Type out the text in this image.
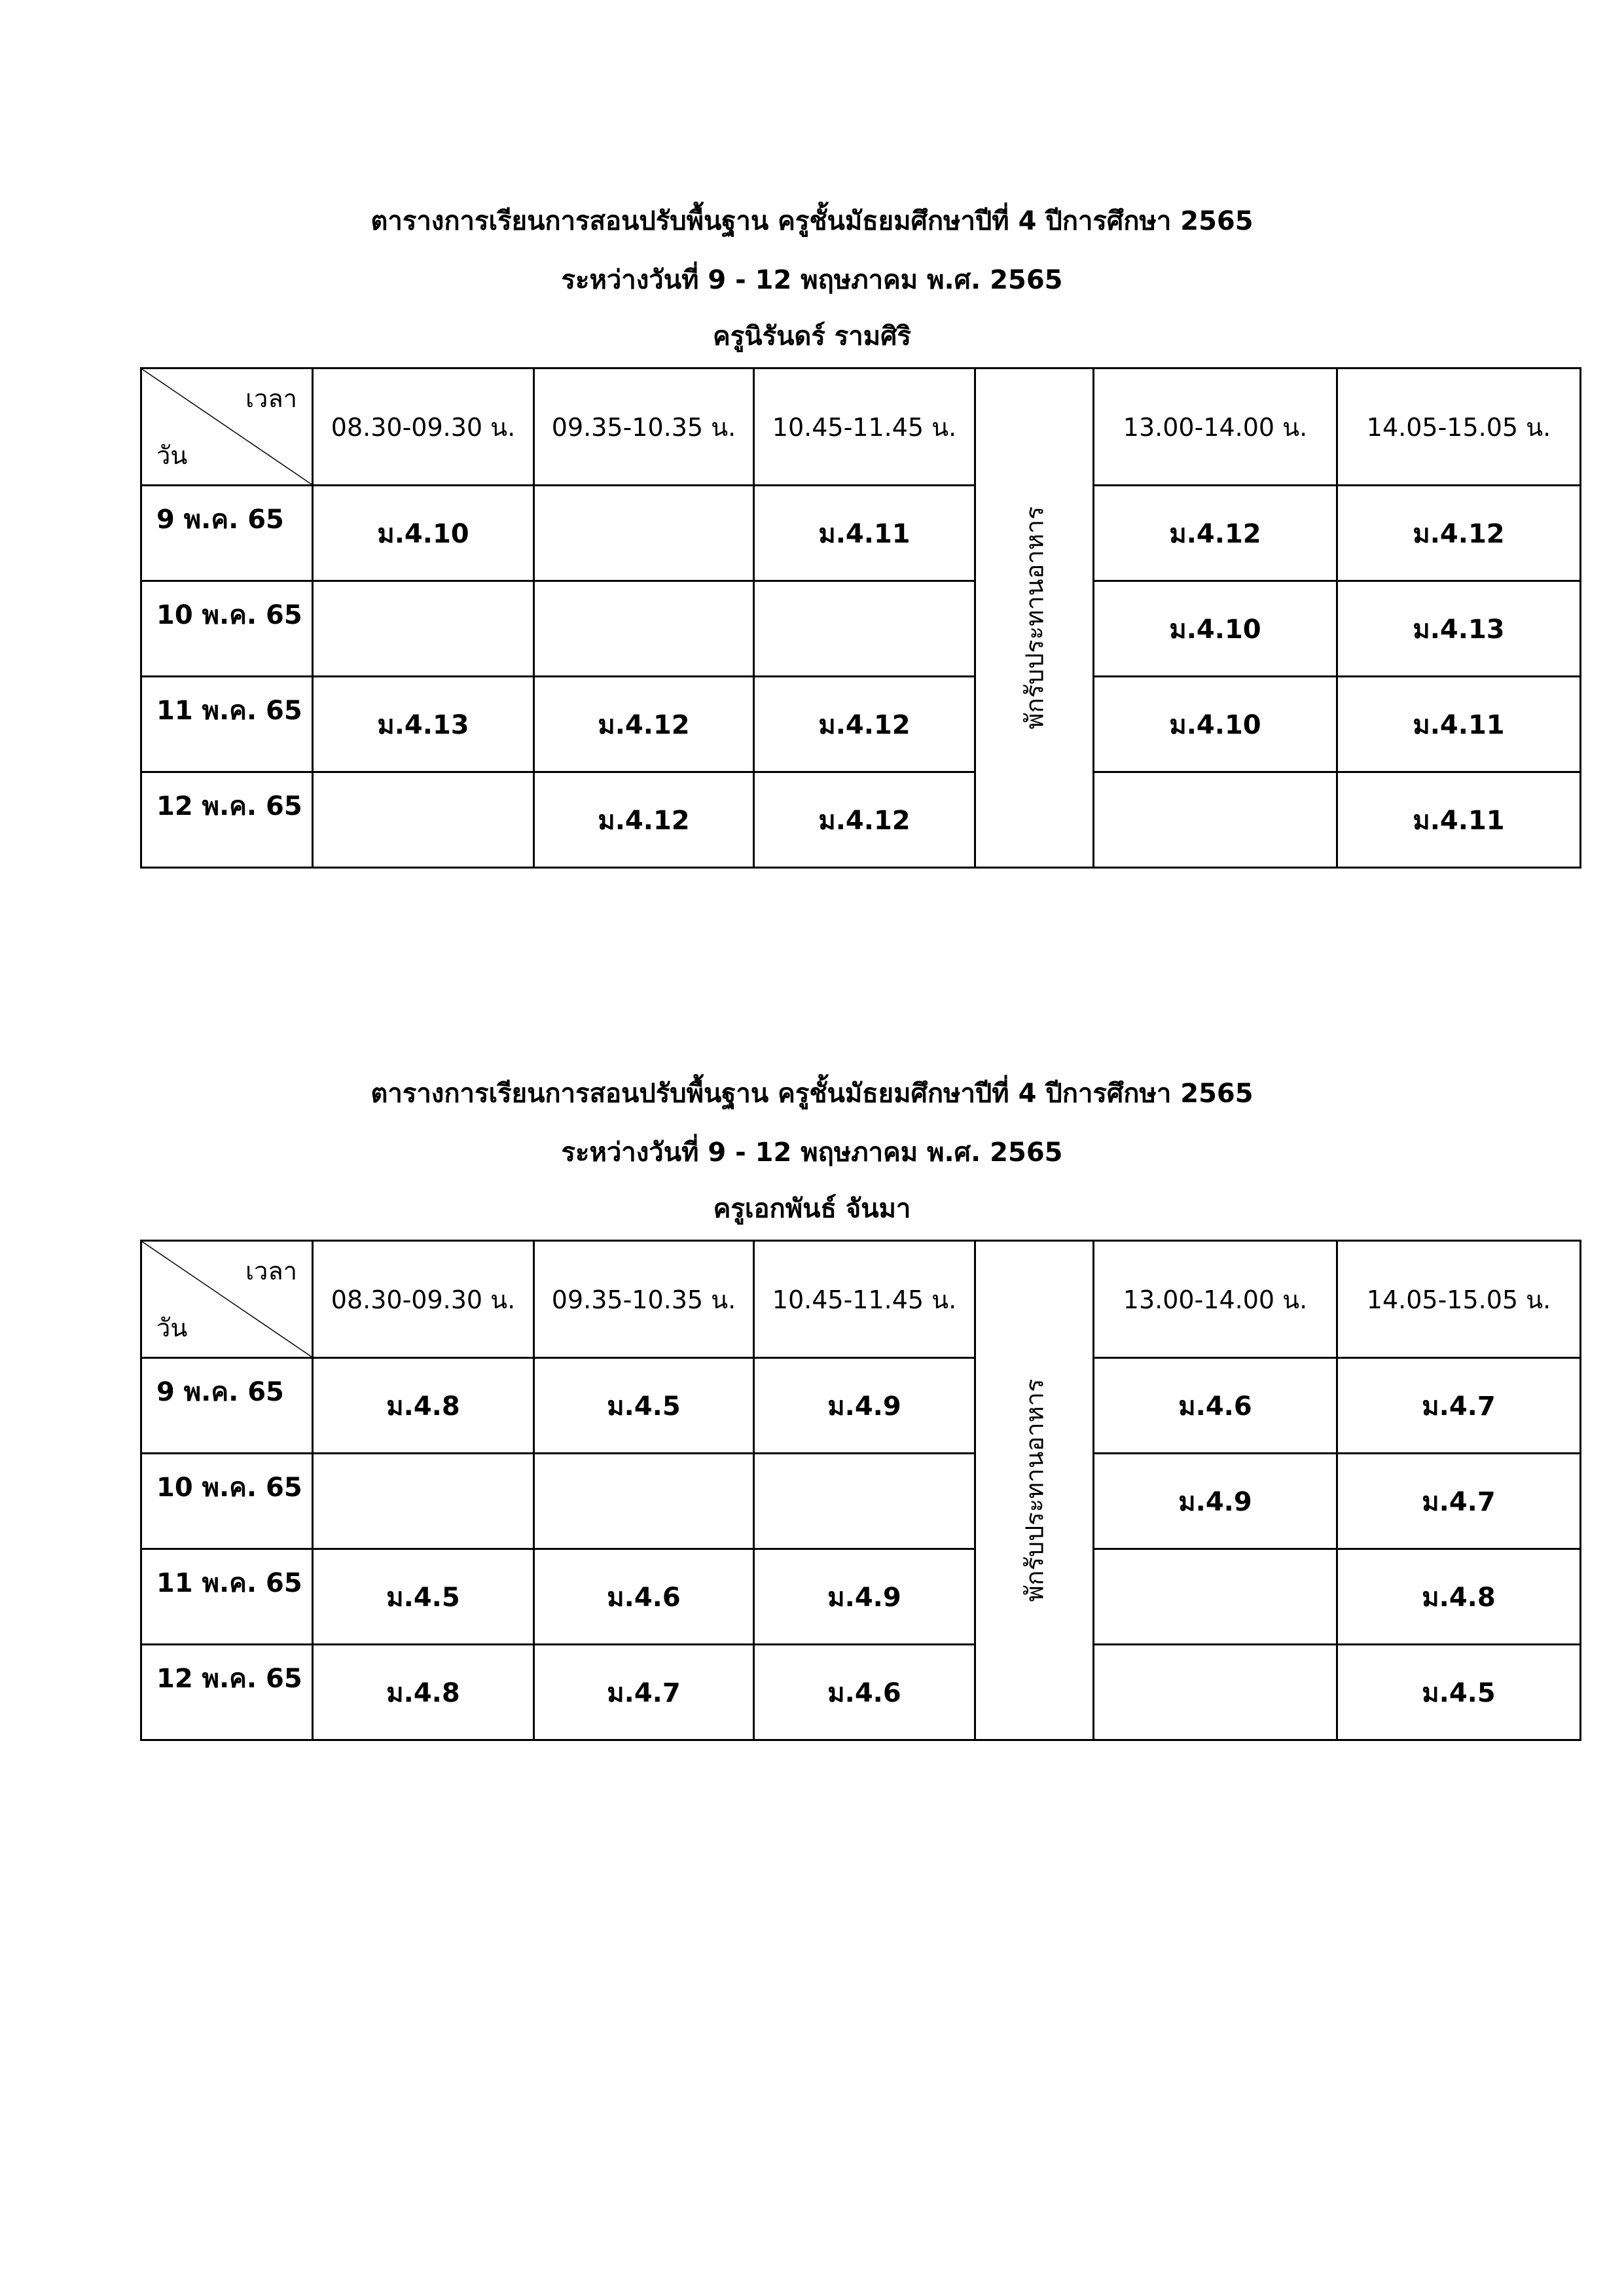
ตารางการเรียนการสอนปรับพื้นฐาน ครูชั้นมัธยมศึกษาปีที่ 4 ปีการศึกษา 2565
ระหว่างวันที่ 9 - 12 พฤษภาคม พ.ศ. 2565
ครูนิรันดร์ รามศิริ
เวลา
วัน	08.30-09.30 น.	09.35-10.35 น.	10.45-11.45 น.	พักรับประทานอาหาร	13.00-14.00 น.	14.05-15.05 น.
9 พ.ค. 65	ม.4.10		ม.4.11		ม.4.12	ม.4.12
10 พ.ค. 65					ม.4.10	ม.4.13
11 พ.ค. 65	ม.4.13	ม.4.12	ม.4.12		ม.4.10	ม.4.11
12 พ.ค. 65		ม.4.12	ม.4.12			ม.4.11
ตารางการเรียนการสอนปรับพื้นฐาน ครูชั้นมัธยมศึกษาปีที่ 4 ปีการศึกษา 2565
ระหว่างวันที่ 9 - 12 พฤษภาคม พ.ศ. 2565
ครูเอกพันธ์ จันมา
เวลา
วัน	08.30-09.30 น.	09.35-10.35 น.	10.45-11.45 น.	พักรับประทานอาหาร	13.00-14.00 น.	14.05-15.05 น.
9 พ.ค. 65	ม.4.8	ม.4.5	ม.4.9		ม.4.6	ม.4.7
10 พ.ค. 65					ม.4.9	ม.4.7
11 พ.ค. 65	ม.4.5	ม.4.6	ม.4.9			ม.4.8
12 พ.ค. 65	ม.4.8	ม.4.7	ม.4.6			ม.4.5
